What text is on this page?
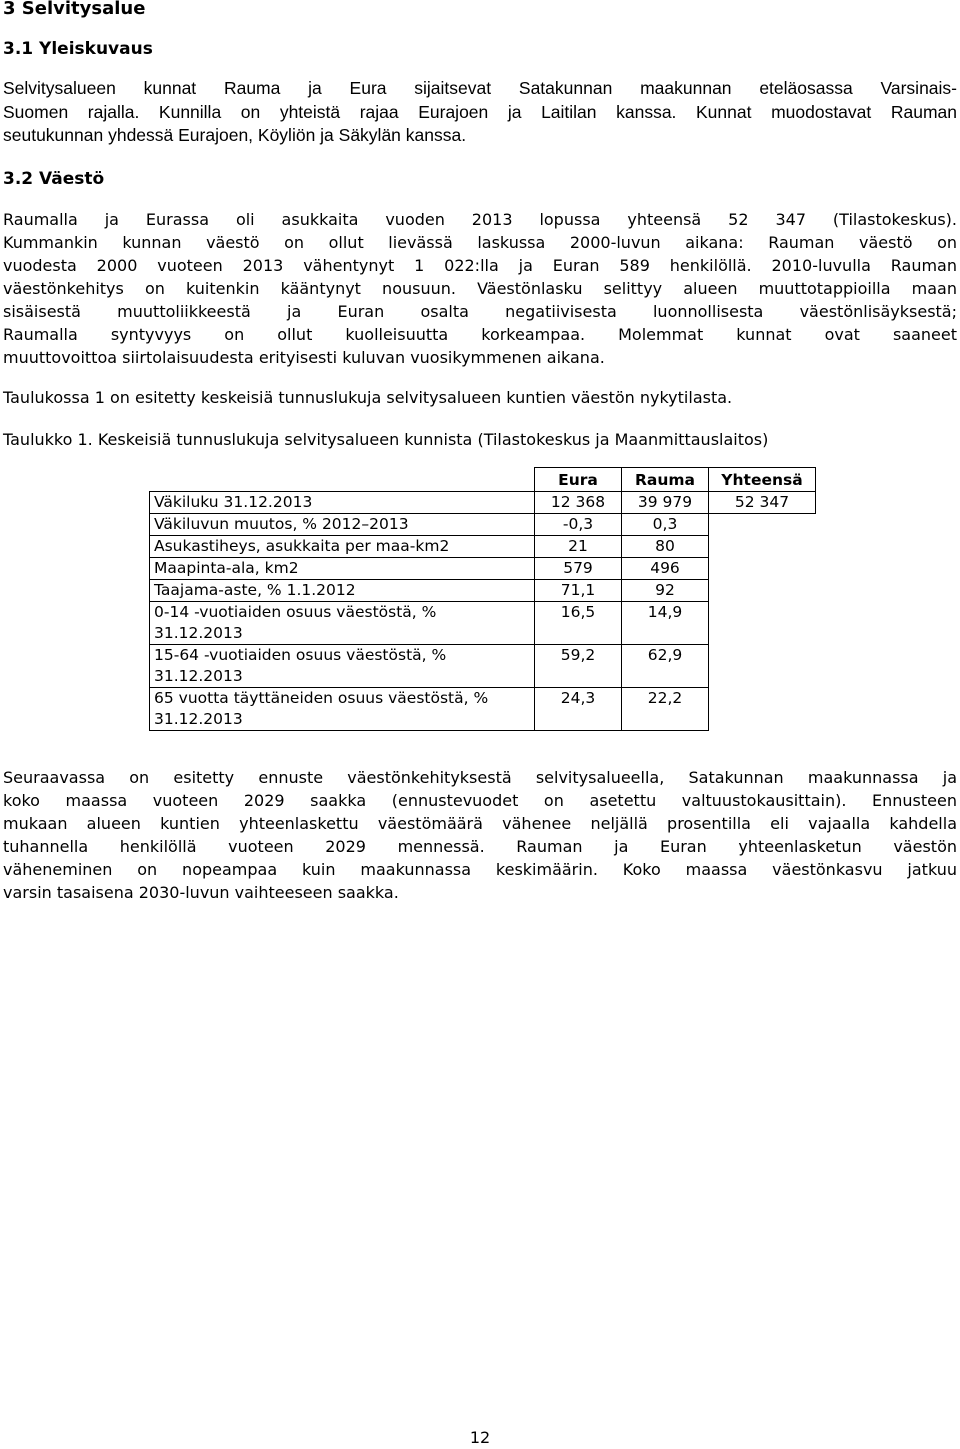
3 Selvitysalue
3.1 Yleiskuvaus
Selvitysalueen kunnat Rauma ja Eura sijaitsevat Satakunnan maakunnan eteläosassa Varsinais-
Suomen rajalla. Kunnilla on yhteistä rajaa Eurajoen ja Laitilan kanssa. Kunnat muodostavat Rauman
seutukunnan yhdessä Eurajoen, Köyliön ja Säkylän kanssa.
3.2 Väestö
Raumalla ja Eurassa oli asukkaita vuoden 2013 lopussa yhteensä 52 347 (Tilastokeskus).
Kummankin kunnan väestö on ollut lievässä laskussa 2000-luvun aikana: Rauman väestö on
vuodesta 2000 vuoteen 2013 vähentynyt 1 022:lla ja Euran 589 henkilöllä. 2010-luvulla Rauman
väestönkehitys on kuitenkin kääntynyt nousuun. Väestönlasku selittyy alueen muuttotappioilla maan
sisäisestä muuttoliikkeestä ja Euran osalta negatiivisesta luonnollisesta väestönlisäyksestä;
Raumalla syntyvyys on ollut kuolleisuutta korkeampaa. Molemmat kunnat ovat saaneet
muuttovoittoa siirtolaisuudesta erityisesti kuluvan vuosikymmenen aikana.
Taulukossa 1 on esitetty keskeisiä tunnuslukuja selvitysalueen kuntien väestön nykytilasta.
Taulukko 1. Keskeisiä tunnuslukuja selvitysalueen kunnista (Tilastokeskus ja Maanmittauslaitos)
	Eura	Rauma	Yhteensä
Väkiluku 31.12.2013	12 368	39 979	52 347
Väkiluvun muutos, % 2012–2013	-0,3	0,3	
Asukastiheys, asukkaita per maa-km2	21	80	
Maapinta-ala, km2	579	496	
Taajama-aste, % 1.1.2012	71,1	92	
0-14 -vuotiaiden osuus väestöstä, %
31.12.2013	16,5	14,9	
15-64 -vuotiaiden osuus väestöstä, %
31.12.2013	59,2	62,9	
65 vuotta täyttäneiden osuus väestöstä, %
31.12.2013	24,3	22,2	
Seuraavassa on esitetty ennuste väestönkehityksestä selvitysalueella, Satakunnan maakunnassa ja
koko maassa vuoteen 2029 saakka (ennustevuodet on asetettu valtuustokausittain). Ennusteen
mukaan alueen kuntien yhteenlaskettu väestömäärä vähenee neljällä prosentilla eli vajaalla kahdella
tuhannella henkilöllä vuoteen 2029 mennessä. Rauman ja Euran yhteenlasketun väestön
väheneminen on nopeampaa kuin maakunnassa keskimäärin. Koko maassa väestönkasvu jatkuu
varsin tasaisena 2030-luvun vaihteeseen saakka.
12
